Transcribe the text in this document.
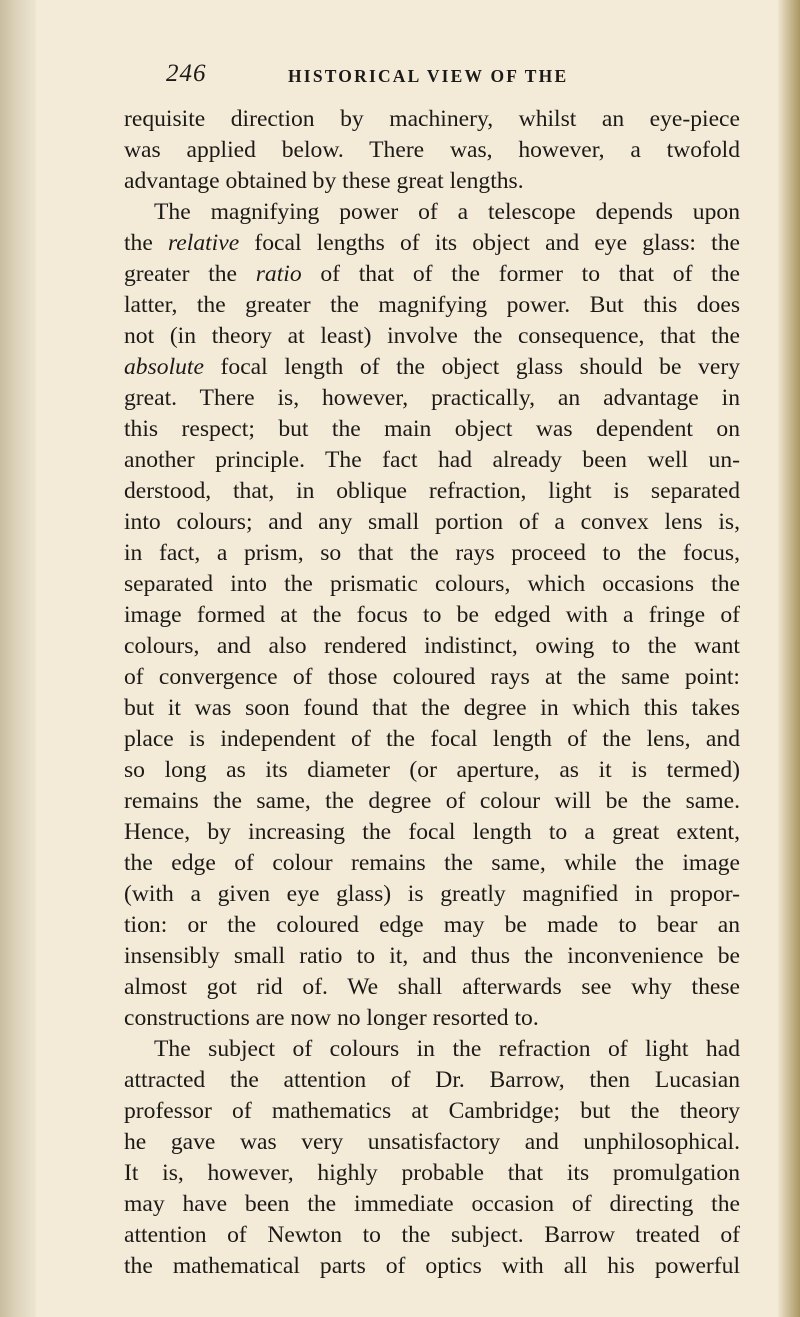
246	HISTORICAL VIEW OF THE
requisite direction by machinery, whilst an eye-piece
was applied below. There was, however, a twofold
advantage obtained by these great lengths.
The magnifying power of a telescope depends upon
the relative focal lengths of its object and eye glass: the
greater the ratio of that of the former to that of the
latter, the greater the magnifying power. But this does
not (in theory at least) involve the consequence, that the
absolute focal length of the object glass should be very
great. There is, however, practically, an advantage in
this respect; but the main object was dependent on
another principle. The fact had already been well un-
derstood, that, in oblique refraction, light is separated
into colours; and any small portion of a convex lens is,
in fact, a prism, so that the rays proceed to the focus,
separated into the prismatic colours, which occasions the
image formed at the focus to be edged with a fringe of
colours, and also rendered indistinct, owing to the want
of convergence of those coloured rays at the same point:
but it was soon found that the degree in which this takes
place is independent of the focal length of the lens, and
so long as its diameter (or aperture, as it is termed)
remains the same, the degree of colour will be the same.
Hence, by increasing the focal length to a great extent,
the edge of colour remains the same, while the image
(with a given eye glass) is greatly magnified in propor-
tion: or the coloured edge may be made to bear an
insensibly small ratio to it, and thus the inconvenience be
almost got rid of. We shall afterwards see why these
constructions are now no longer resorted to.
The subject of colours in the refraction of light had
attracted the attention of Dr. Barrow, then Lucasian
professor of mathematics at Cambridge; but the theory
he gave was very unsatisfactory and unphilosophical.
It is, however, highly probable that its promulgation
may have been the immediate occasion of directing the
attention of Newton to the subject. Barrow treated of
the mathematical parts of optics with all his powerful
